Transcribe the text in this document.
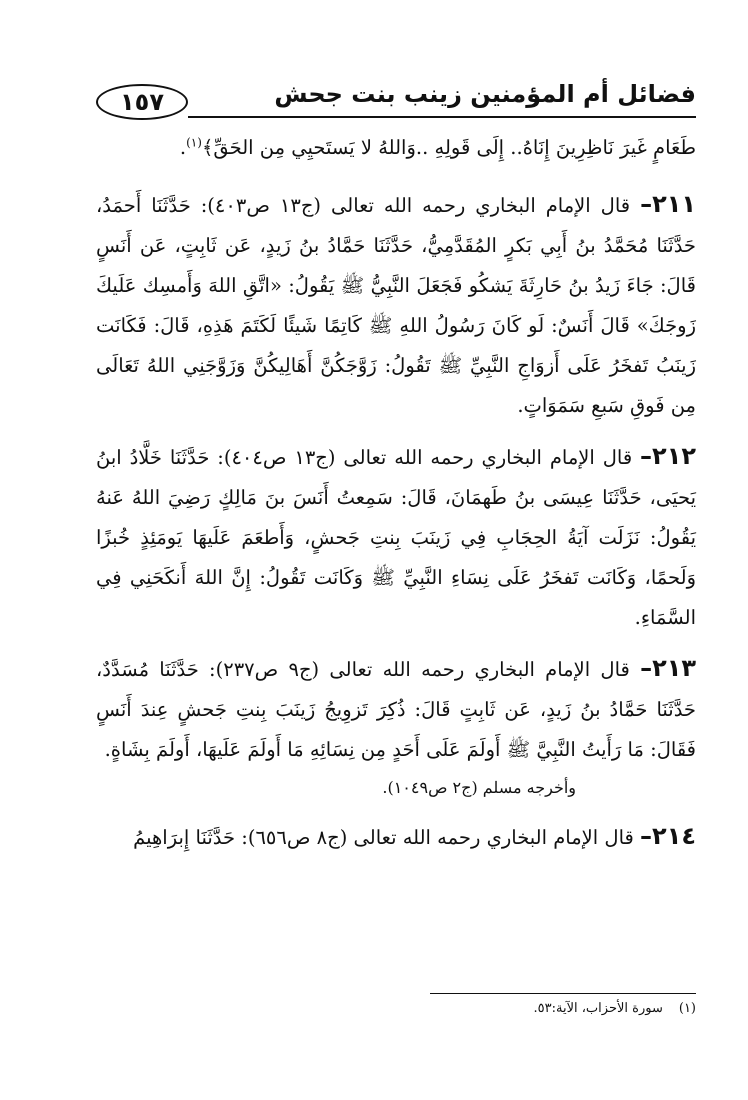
١٥٧	فضائل أم المؤمنين زينب بنت جحش

طَعَامٍ غَيرَ نَاظِرِينَ إِنَاهُ.. إِلَى قَولِهِ ..وَاللهُ لا يَستَحيِي مِن الحَقِّ﴾$^{(١)}$.

٢١١– قال الإمام البخاري رحمه الله تعالى (ج١٣ ص٤٠٣): حَدَّثَنَا أَحمَدُ، حَدَّثَنَا مُحَمَّدُ بنُ أَبِي بَكرٍ المُقَدَّمِيُّ، حَدَّثَنَا حَمَّادُ بنُ زَيدٍ، عَن ثَابِتٍ، عَن أَنَسٍ قَالَ: جَاءَ زَيدُ بنُ حَارِثَةَ يَشكُو فَجَعَلَ النَّبِيُّ ﷺ يَقُولُ: «اتَّقِ اللهَ وَأَمسِك عَلَيكَ زَوجَكَ» قَالَ أَنَسٌ: لَو كَانَ رَسُولُ اللهِ ﷺ كَاتِمًا شَيئًا لَكَتَمَ هَذِهِ، قَالَ: فَكَانَت زَينَبُ تَفخَرُ عَلَى أَزوَاجِ النَّبِيِّ ﷺ تَقُولُ: زَوَّجَكُنَّ أَهَالِيكُنَّ وَزَوَّجَنِي اللهُ تَعَالَى مِن فَوقِ سَبعِ سَمَوَاتٍ.

٢١٢– قال الإمام البخاري رحمه الله تعالى (ج١٣ ص٤٠٤): حَدَّثَنَا خَلَّادُ ابنُ يَحيَى، حَدَّثَنَا عِيسَى بنُ طَهمَانَ، قَالَ: سَمِعتُ أَنَسَ بنَ مَالِكٍ رَضِيَ اللهُ عَنهُ يَقُولُ: نَزَلَت آيَةُ الحِجَابِ فِي زَينَبَ بِنتِ جَحشٍ، وَأَطعَمَ عَلَيهَا يَومَئِذٍ خُبزًا وَلَحمًا، وَكَانَت تَفخَرُ عَلَى نِسَاءِ النَّبِيِّ ﷺ وَكَانَت تَقُولُ: إِنَّ اللهَ أَنكَحَنِي فِي السَّمَاءِ.

٢١٣– قال الإمام البخاري رحمه الله تعالى (ج٩ ص٢٣٧): حَدَّثَنَا مُسَدَّدٌ، حَدَّثَنَا حَمَّادُ بنُ زَيدٍ، عَن ثَابِتٍ قَالَ: ذُكِرَ تَزوِيجُ زَينَبَ بِنتِ جَحشٍ عِندَ أَنَسٍ فَقَالَ: مَا رَأَيتُ النَّبِيَّ ﷺ أَولَمَ عَلَى أَحَدٍ مِن نِسَائِهِ مَا أَولَمَ عَلَيهَا، أَولَمَ بِشَاةٍ.

وأخرجه مسلم (ج٢ ص١٠٤٩).

٢١٤– قال الإمام البخاري رحمه الله تعالى (ج٨ ص٦٥٦): حَدَّثَنَا إِبرَاهِيمُ

(١)سورة الأحزاب، الآية:٥٣.
